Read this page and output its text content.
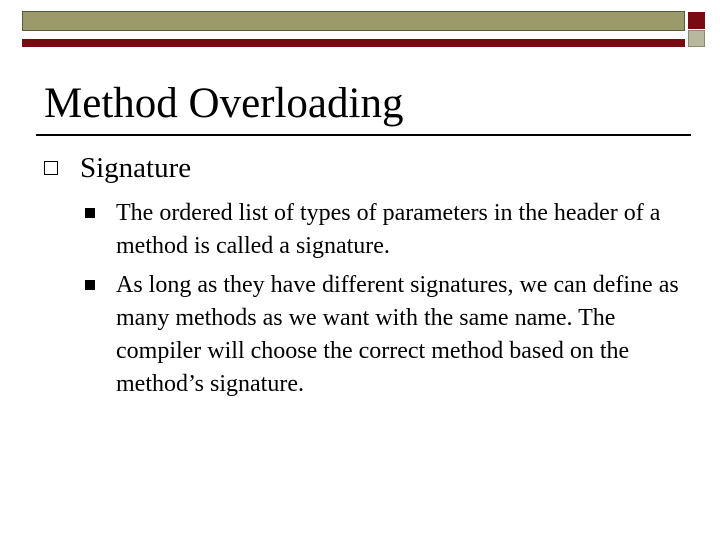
Method Overloading
Signature
The ordered list of types of parameters in the header of a method is called a signature.
As long as they have different signatures, we can define as many methods as we want with the same name. The compiler will choose the correct method based on the method’s signature.
